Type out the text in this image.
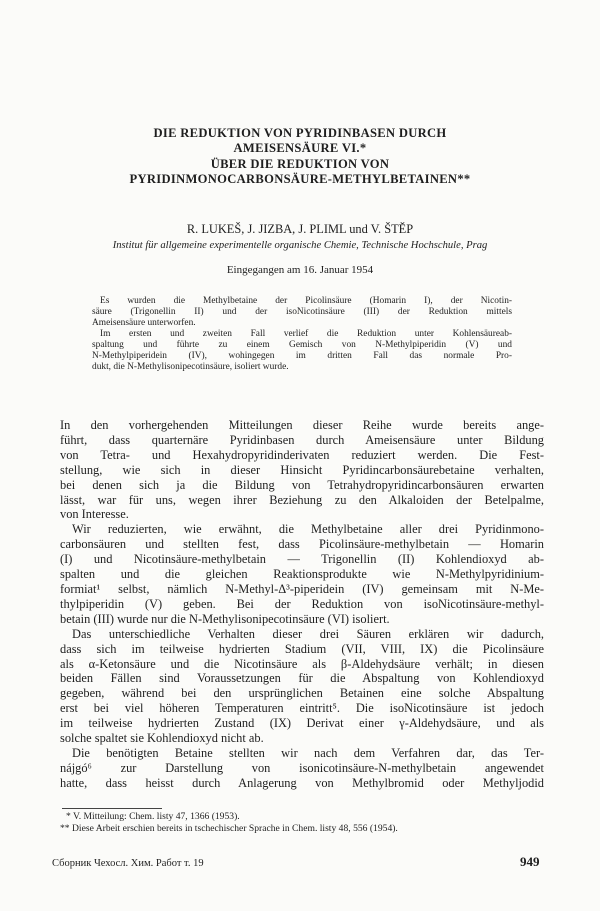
DIE REDUKTION VON PYRIDINBASEN DURCH
AMEISENSÄURE VI.*
ÜBER DIE REDUKTION VON
PYRIDINMONOCARBONSÄURE-METHYLBETAINEN**
R. LUKEŠ, J. JIZBA, J. PLIML und V. ŠTĚP
Institut für allgemeine experimentelle organische Chemie, Technische Hochschule, Prag
Eingegangen am 16. Januar 1954
Es wurden die Methylbetaine der Picolinsäure (Homarin I), der Nicotin-
säure (Trigonellin II) und der isoNicotinsäure (III) der Reduktion mittels
Ameisensäure unterworfen.
Im ersten und zweiten Fall verlief die Reduktion unter Kohlensäureab-
spaltung und führte zu einem Gemisch von N-Methylpiperidin (V) und
N-Methylpiperidein (IV), wohingegen im dritten Fall das normale Pro-
dukt, die N-Methylisonipecotinsäure, isoliert wurde.
In den vorhergehenden Mitteilungen dieser Reihe wurde bereits ange-
führt, dass quarternäre Pyridinbasen durch Ameisensäure unter Bildung
von Tetra- und Hexahydropyridinderivaten reduziert werden. Die Fest-
stellung, wie sich in dieser Hinsicht Pyridincarbonsäurebetaine verhalten,
bei denen sich ja die Bildung von Tetrahydropyridincarbonsäuren erwarten
lässt, war für uns, wegen ihrer Beziehung zu den Alkaloiden der Betelpalme,
von Interesse.
Wir reduzierten, wie erwähnt, die Methylbetaine aller drei Pyridinmono-
carbonsäuren und stellten fest, dass Picolinsäure-methylbetain — Homarin
(I) und Nicotinsäure-methylbetain — Trigonellin (II) Kohlendioxyd ab-
spalten und die gleichen Reaktionsprodukte wie N-Methylpyridinium-
formiat¹ selbst, nämlich N-Methyl-Δ³-piperidein (IV) gemeinsam mit N-Me-
thylpiperidin (V) geben. Bei der Reduktion von isoNicotinsäure-methyl-
betain (III) wurde nur die N-Methylisonipecotinsäure (VI) isoliert.
Das unterschiedliche Verhalten dieser drei Säuren erklären wir dadurch,
dass sich im teilweise hydrierten Stadium (VII, VIII, IX) die Picolinsäure
als α-Ketonsäure und die Nicotinsäure als β-Aldehydsäure verhält; in diesen
beiden Fällen sind Voraussetzungen für die Abspaltung von Kohlendioxyd
gegeben, während bei den ursprünglichen Betainen eine solche Abspaltung
erst bei viel höheren Temperaturen eintritt⁵. Die isoNicotinsäure ist jedoch
im teilweise hydrierten Zustand (IX) Derivat einer γ-Aldehydsäure, und als
solche spaltet sie Kohlendioxyd nicht ab.
Die benötigten Betaine stellten wir nach dem Verfahren dar, das Ter-
nájgó⁶ zur Darstellung von isonicotinsäure-N-methylbetain angewendet
hatte, dass heisst durch Anlagerung von Methylbromid oder Methyljodid
* V. Mitteilung: Chem. listy 47, 1366 (1953).
** Diese Arbeit erschien bereits in tschechischer Sprache in Chem. listy 48, 556 (1954).
Сборник Чехосл. Хим. Работ т. 19	949
